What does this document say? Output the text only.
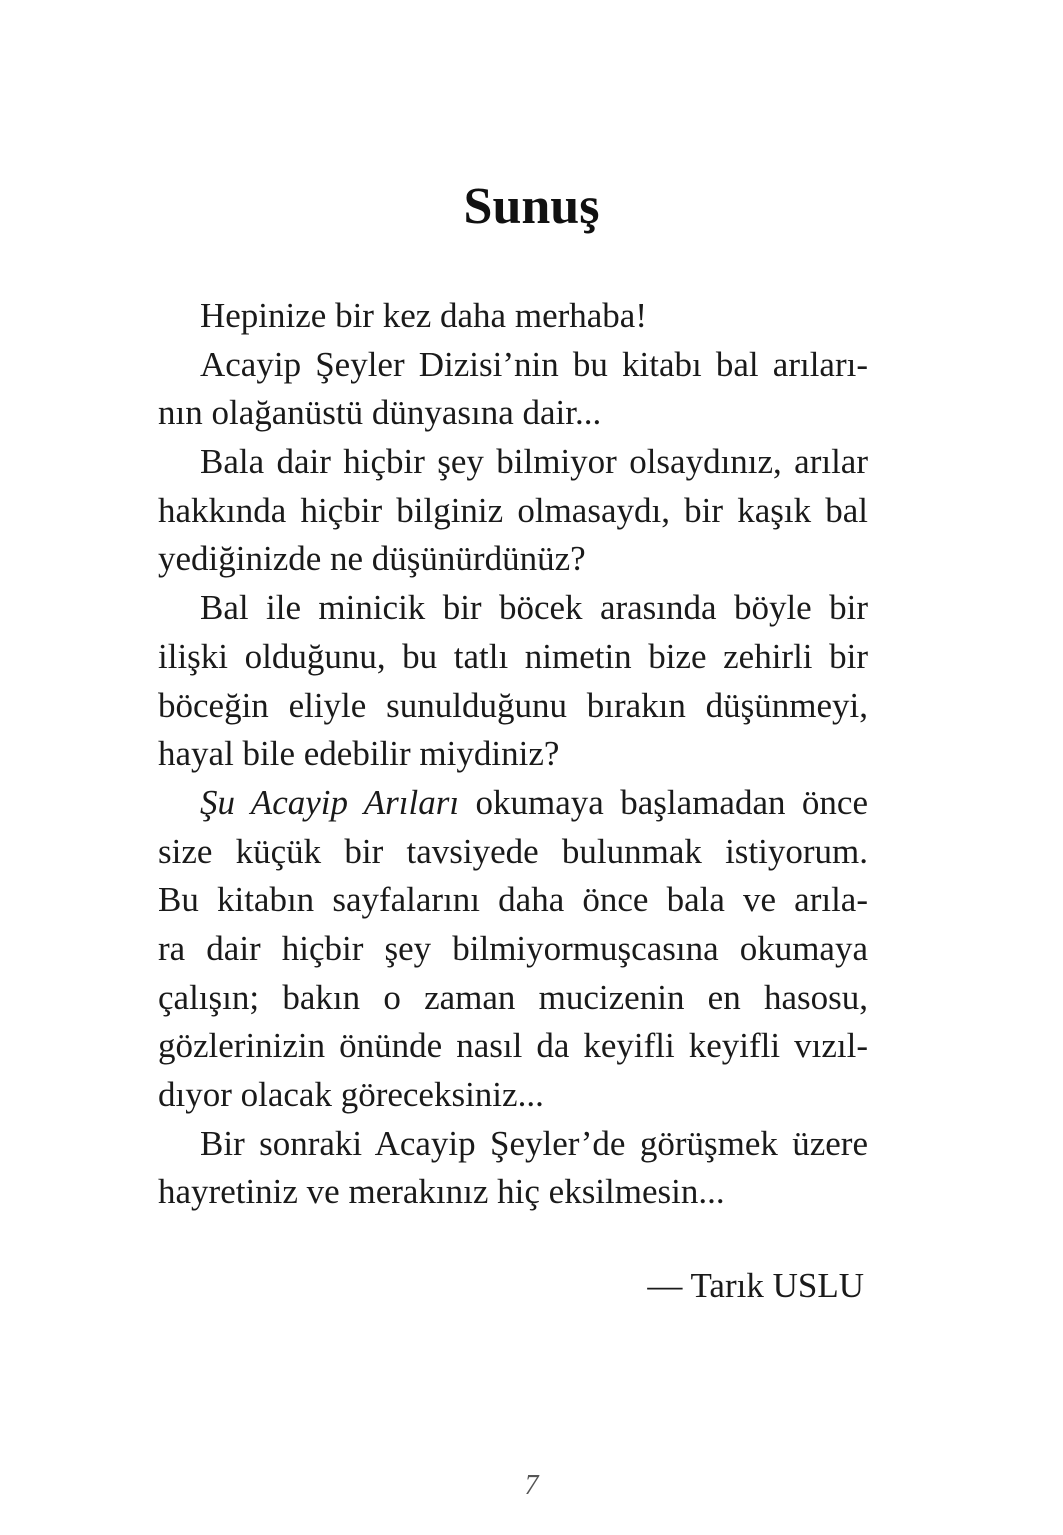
Sunuş
Hepinize bir kez daha merhaba!
Acayip Şeyler Dizisi’nin bu kitabı bal arıları-
nın olağanüstü dünyasına dair...
Bala dair hiçbir şey bilmiyor olsaydınız, arılar
hakkında hiçbir bilginiz olmasaydı, bir kaşık bal
yediğinizde ne düşünürdünüz?
Bal ile minicik bir böcek arasında böyle bir
ilişki olduğunu, bu tatlı nimetin bize zehirli bir
böceğin eliyle sunulduğunu bırakın düşünmeyi,
hayal bile edebilir miydiniz?
Şu Acayip Arıları okumaya başlamadan önce
size küçük bir tavsiyede bulunmak istiyorum.
Bu kitabın sayfalarını daha önce bala ve arıla-
ra dair hiçbir şey bilmiyormuşcasına okumaya
çalışın; bakın o zaman mucizenin en hasosu,
gözlerinizin önünde nasıl da keyifli keyifli vızıl-
dıyor olacak göreceksiniz...
Bir sonraki Acayip Şeyler’de görüşmek üzere
hayretiniz ve merakınız hiç eksilmesin...
— Tarık USLU
7
